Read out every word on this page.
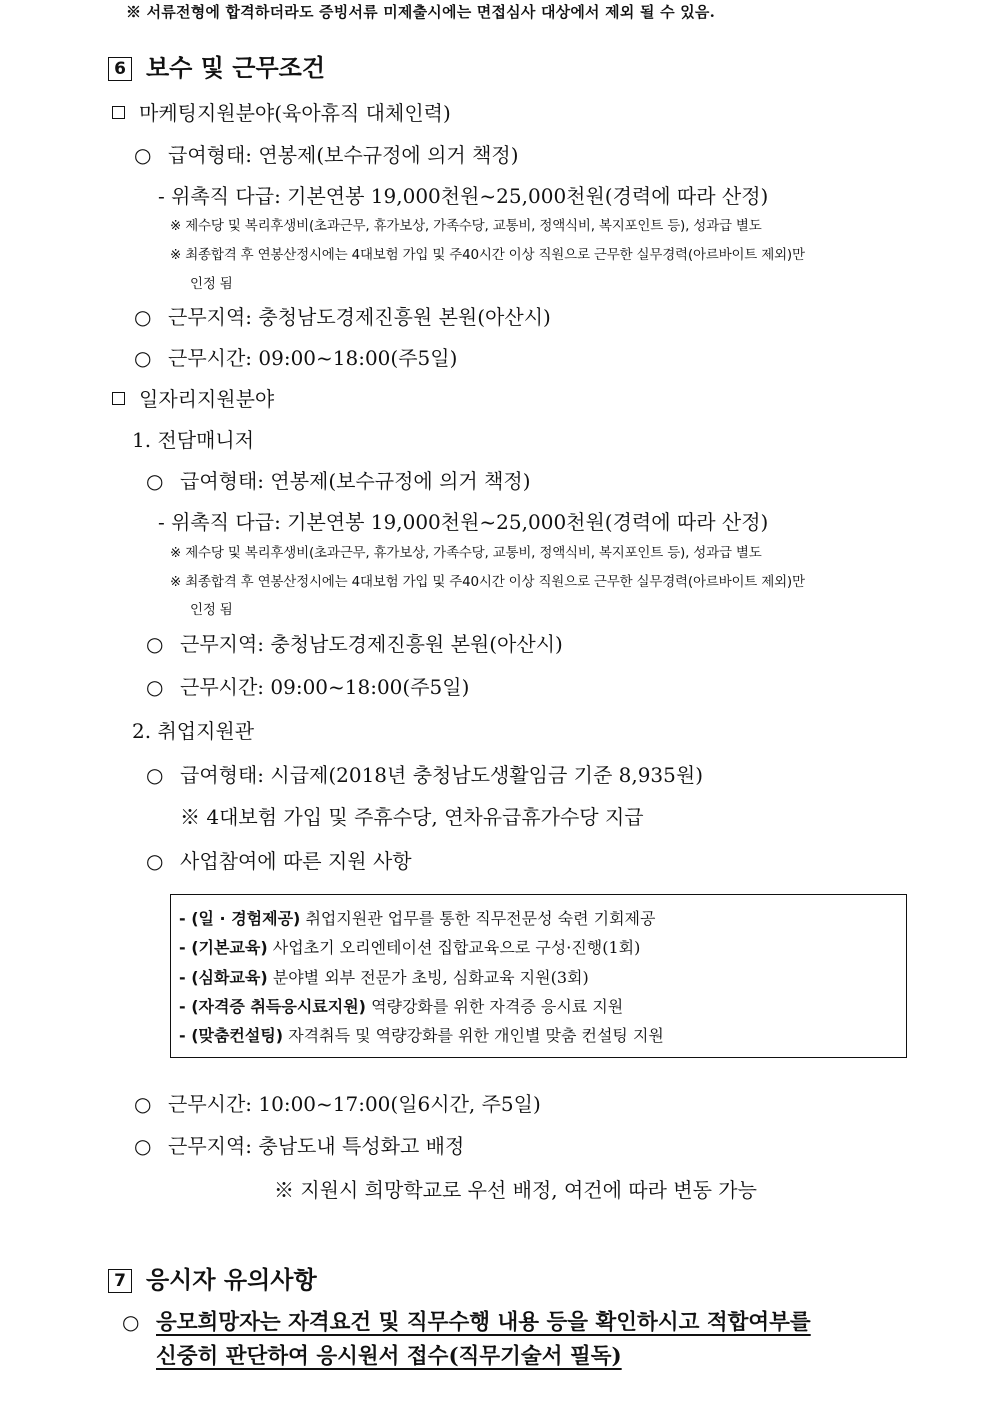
※ 서류전형에 합격하더라도 증빙서류 미제출시에는 면접심사 대상에서 제외 될 수 있음.
6 보수 및 근무조건
마케팅지원분야(육아휴직 대체인력)
○ 급여형태: 연봉제(보수규정에 의거 책정)
- 위촉직 다급: 기본연봉 19,000천원~25,000천원(경력에 따라 산정)
※ 제수당 및 복리후생비(초과근무, 휴가보상, 가족수당, 교통비, 정액식비, 복지포인트 등), 성과급 별도
※ 최종합격 후 연봉산정시에는 4대보험 가입 및 주40시간 이상 직원으로 근무한 실무경력(아르바이트 제외)만
인정 됨
○ 근무지역: 충청남도경제진흥원 본원(아산시)
○ 근무시간: 09:00~18:00(주5일)
일자리지원분야
1. 전담매니저
○ 급여형태: 연봉제(보수규정에 의거 책정)
- 위촉직 다급: 기본연봉 19,000천원~25,000천원(경력에 따라 산정)
※ 제수당 및 복리후생비(초과근무, 휴가보상, 가족수당, 교통비, 정액식비, 복지포인트 등), 성과급 별도
※ 최종합격 후 연봉산정시에는 4대보험 가입 및 주40시간 이상 직원으로 근무한 실무경력(아르바이트 제외)만
인정 됨
○ 근무지역: 충청남도경제진흥원 본원(아산시)
○ 근무시간: 09:00~18:00(주5일)
2. 취업지원관
○ 급여형태: 시급제(2018년 충청남도생활임금 기준 8,935원)
※ 4대보험 가입 및 주휴수당, 연차유급휴가수당 지급
○ 사업참여에 따른 지원 사항
- (일 · 경험제공) 취업지원관 업무를 통한 직무전문성 숙련 기회제공
- (기본교육) 사업초기 오리엔테이션 집합교육으로 구성·진행(1회)
- (심화교육) 분야별 외부 전문가 초빙, 심화교육 지원(3회)
- (자격증 취득응시료지원) 역량강화를 위한 자격증 응시료 지원
- (맞춤컨설팅) 자격취득 및 역량강화를 위한 개인별 맞춤 컨설팅 지원
○ 근무시간: 10:00~17:00(일6시간, 주5일)
○ 근무지역: 충남도내 특성화고 배정
※ 지원시 희망학교로 우선 배정, 여건에 따라 변동 가능
7 응시자 유의사항
○ 응모희망자는 자격요건 및 직무수행 내용 등을 확인하시고 적합여부를
신중히 판단하여 응시원서 접수(직무기술서 필독)
